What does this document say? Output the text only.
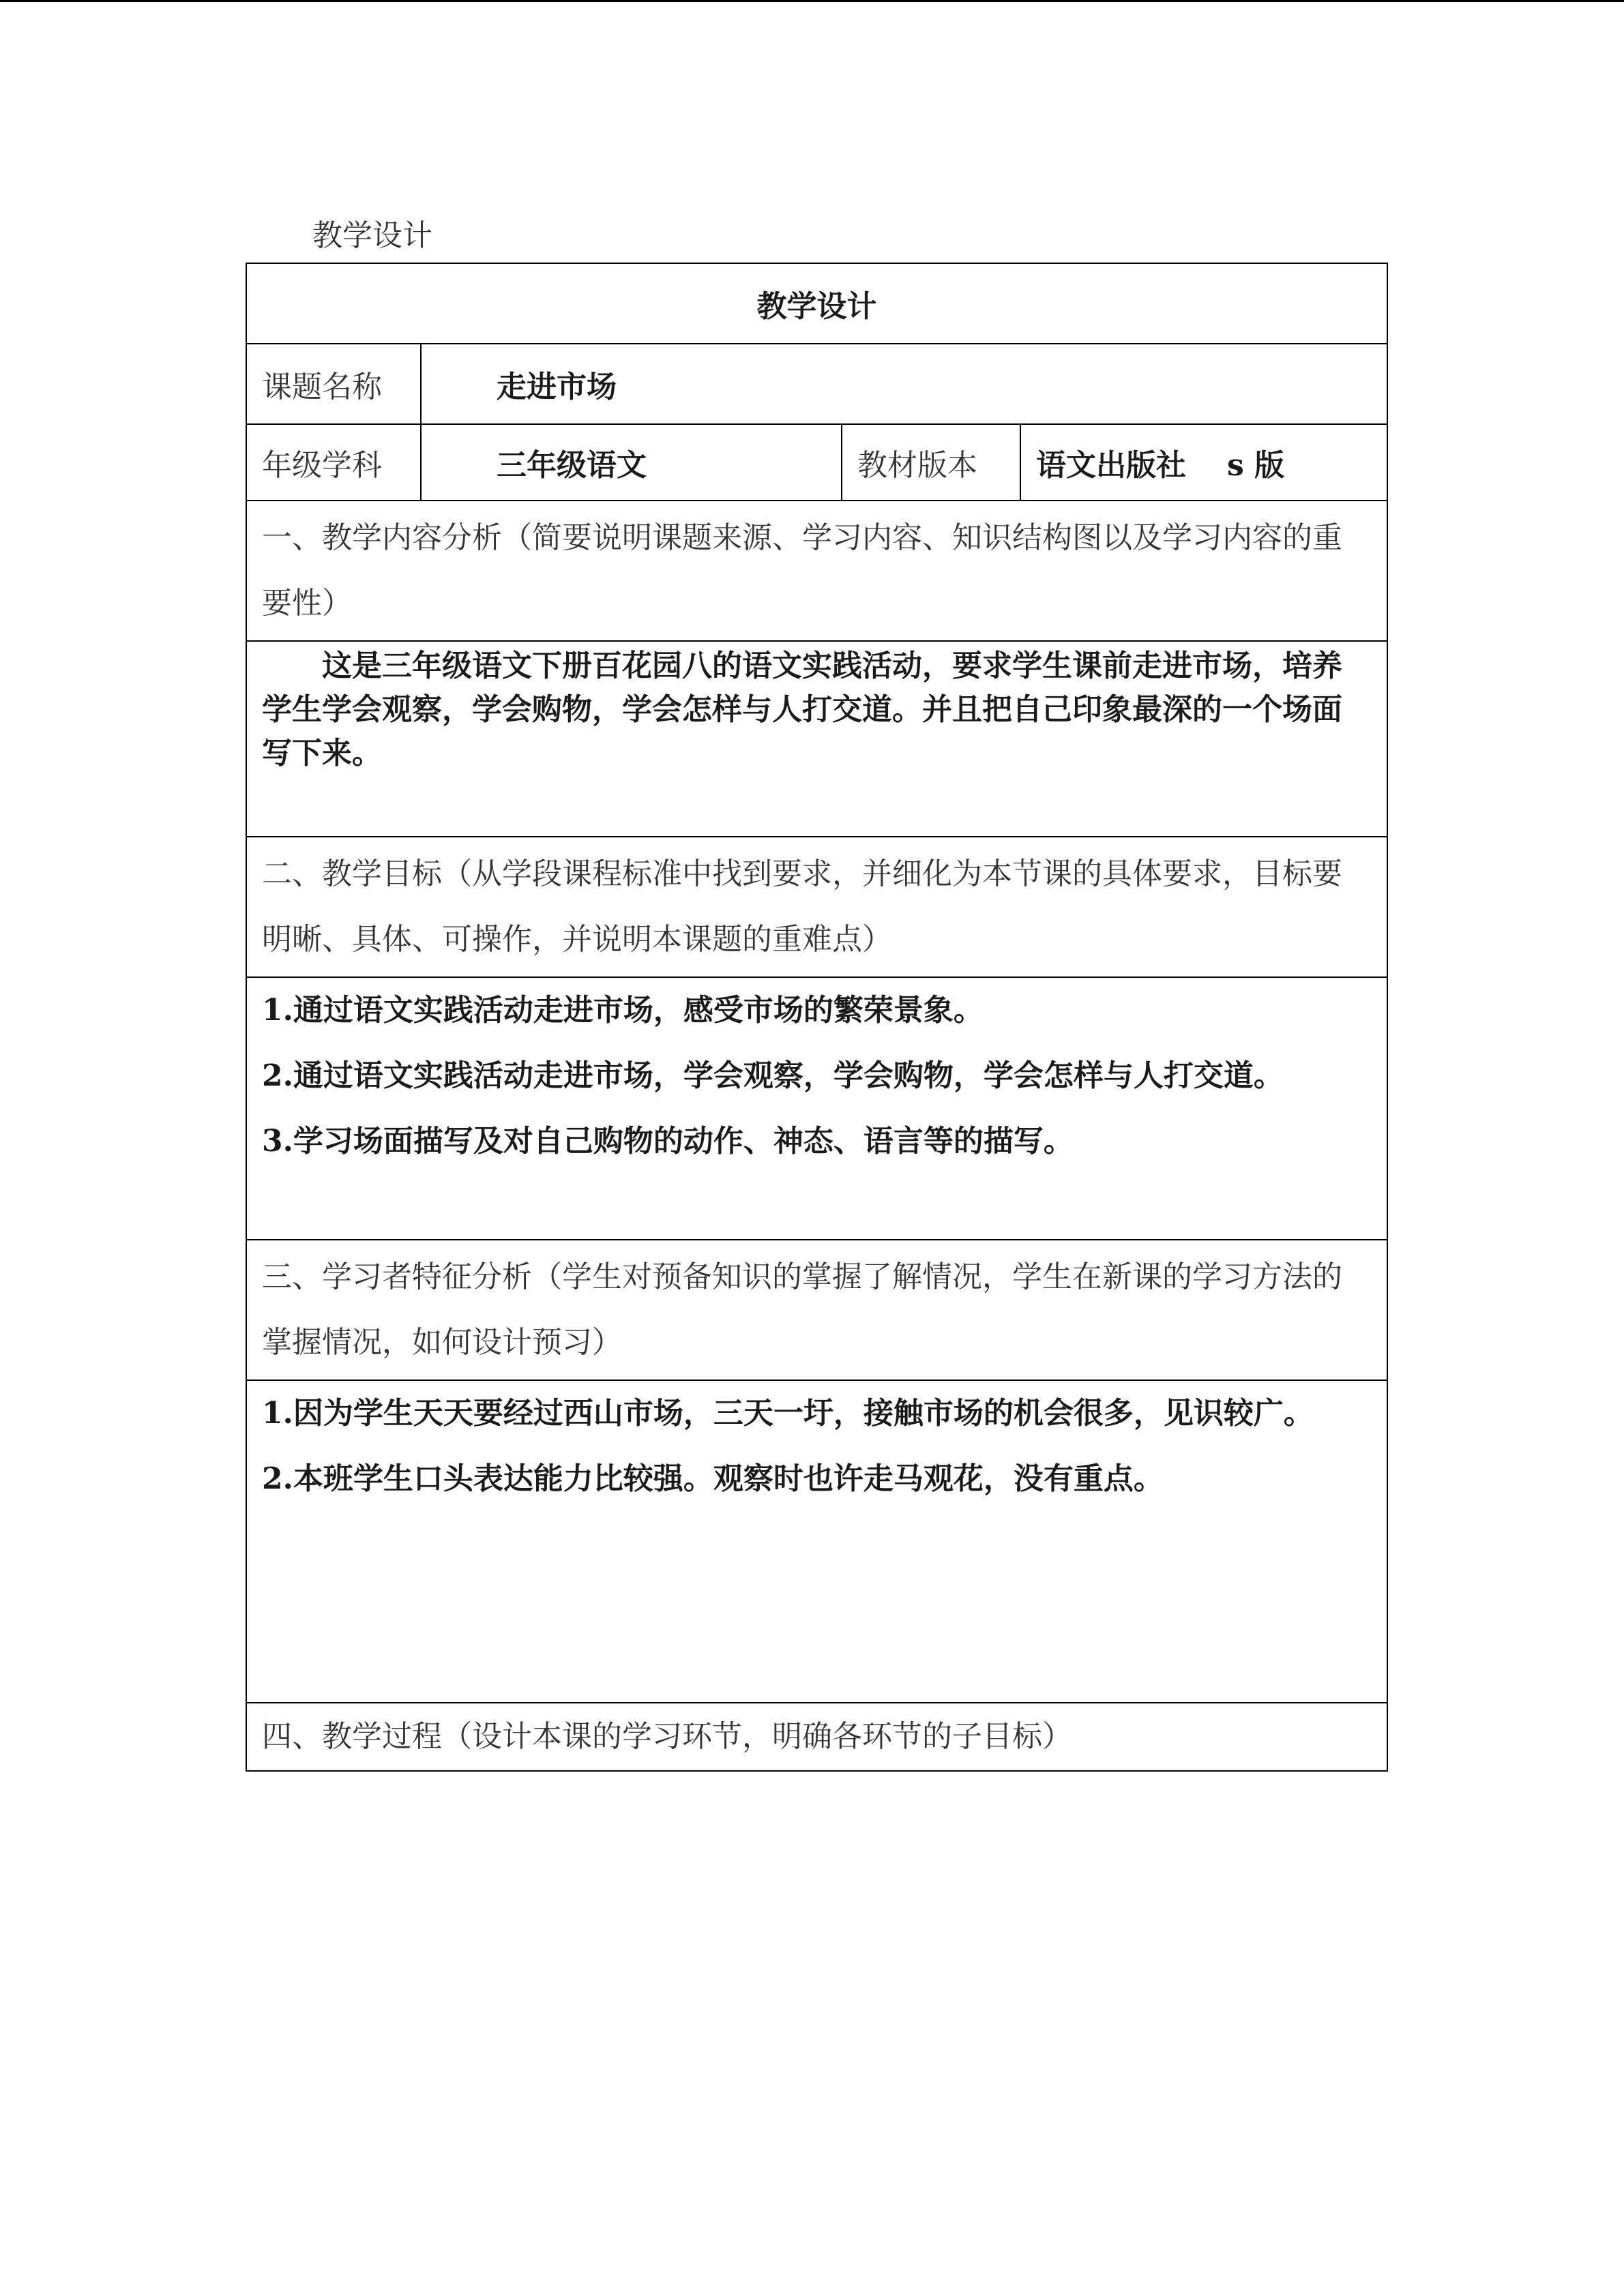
教学设计
教学设计			
课题名称	走进市场		
年级学科	三年级语文	教材版本	语文出版社 s 版
一、教学内容分析（简要说明课题来源、学习内容、知识结构图以及学习内容的重要性）			

这是三年级语文下册百花园八的语文实践活动，要求学生课前走进市场，培养学生学会观察，学会购物，学会怎样与人打交道。并且把自己印象最深的一个场面写下来。			

二、教学目标（从学段课程标准中找到要求，并细化为本节课的具体要求，目标要明晰、具体、可操作，并说明本课题的重难点）			

1.通过语文实践活动走进市场，感受市场的繁荣景象。

2.通过语文实践活动走进市场，学会观察，学会购物，学会怎样与人打交道。

3.学习场面描写及对自己购物的动作、神态、语言等的描写。			

三、学习者特征分析（学生对预备知识的掌握了解情况，学生在新课的学习方法的掌握情况，如何设计预习）			

1.因为学生天天要经过西山市场，三天一圩，接触市场的机会很多，见识较广。

2.本班学生口头表达能力比较强。观察时也许走马观花，没有重点。			

四、教学过程（设计本课的学习环节，明确各环节的子目标）			
